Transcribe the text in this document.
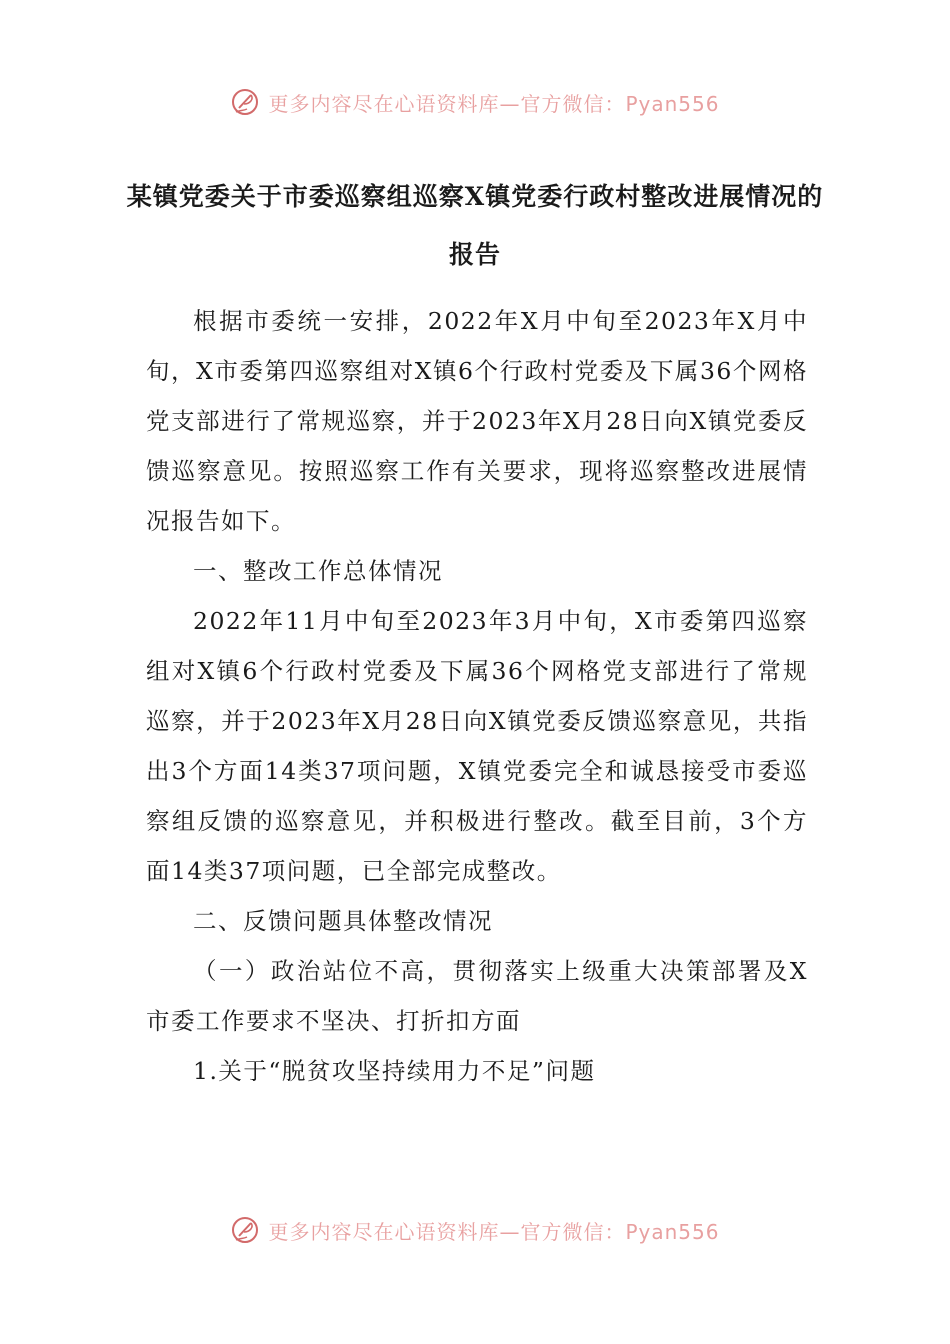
更多内容尽在心语资料库—官方微信：Pyan556
某镇党委关于市委巡察组巡察X镇党委行政村整改进展情况的报告

根据市委统一安排，2022年X月中旬至2023年X月中旬，X市委第四巡察组对X镇6个行政村党委及下属36个网格党支部进行了常规巡察，并于2023年X月28日向X镇党委反馈巡察意见。按照巡察工作有关要求，现将巡察整改进展情况报告如下。

一、整改工作总体情况

2022年11月中旬至2023年3月中旬，X市委第四巡察组对X镇6个行政村党委及下属36个网格党支部进行了常规巡察，并于2023年X月28日向X镇党委反馈巡察意见，共指出3个方面14类37项问题，X镇党委完全和诚恳接受市委巡察组反馈的巡察意见，并积极进行整改。截至目前，3个方面14类37项问题，已全部完成整改。

二、反馈问题具体整改情况

（一）政治站位不高，贯彻落实上级重大决策部署及X市委工作要求不坚决、打折扣方面

1.关于“脱贫攻坚持续用力不足”问题

更多内容尽在心语资料库—官方微信：Pyan556
